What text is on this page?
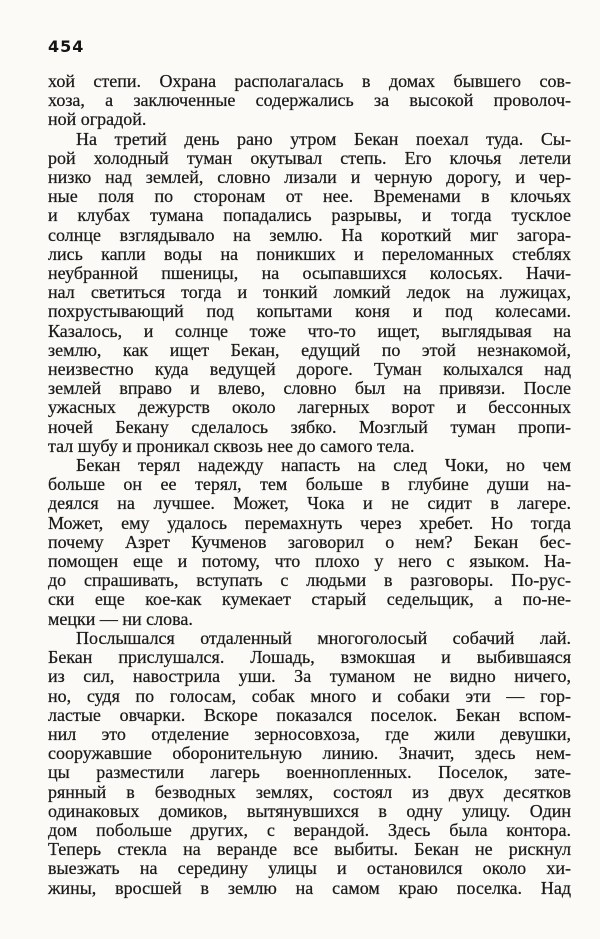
454
хой степи. Охрана располагалась в домах бывшего сов-
хоза, а заключенные содержались за высокой проволоч-
ной оградой.
На третий день рано утром Бекан поехал туда. Сы-
рой холодный туман окутывал степь. Его клочья летели
низко над землей, словно лизали и черную дорогу, и чер-
ные поля по сторонам от нее. Временами в клочьях
и клубах тумана попадались разрывы, и тогда тусклое
солнце взглядывало на землю. На короткий миг загора-
лись капли воды на поникших и переломанных стеблях
неубранной пшеницы, на осыпавшихся колосьях. Начи-
нал светиться тогда и тонкий ломкий ледок на лужицах,
похрустывающий под копытами коня и под колесами.
Казалось, и солнце тоже что-то ищет, выглядывая на
землю, как ищет Бекан, едущий по этой незнакомой,
неизвестно куда ведущей дороге. Туман колыхался над
землей вправо и влево, словно был на привязи. После
ужасных дежурств около лагерных ворот и бессонных
ночей Бекану сделалось зябко. Мозглый туман пропи-
тал шубу и проникал сквозь нее до самого тела.
Бекан терял надежду напасть на след Чоки, но чем
больше он ее терял, тем больше в глубине души на-
деялся на лучшее. Может, Чока и не сидит в лагере.
Может, ему удалось перемахнуть через хребет. Но тогда
почему Азрет Кучменов заговорил о нем? Бекан бес-
помощен еще и потому, что плохо у него с языком. На-
до спрашивать, вступать с людьми в разговоры. По-рус-
ски еще кое-как кумекает старый седельщик, а по-не-
мецки — ни слова.
Послышался отдаленный многоголосый собачий лай.
Бекан прислушался. Лошадь, взмокшая и выбившаяся
из сил, навострила уши. За туманом не видно ничего,
но, судя по голосам, собак много и собаки эти — гор-
ластые овчарки. Вскоре показался поселок. Бекан вспом-
нил это отделение зерносовхоза, где жили девушки,
сооружавшие оборонительную линию. Значит, здесь нем-
цы разместили лагерь военнопленных. Поселок, зате-
рянный в безводных землях, состоял из двух десятков
одинаковых домиков, вытянувшихся в одну улицу. Один
дом побольше других, с верандой. Здесь была контора.
Теперь стекла на веранде все выбиты. Бекан не рискнул
выезжать на середину улицы и остановился около хи-
жины, вросшей в землю на самом краю поселка. Над
